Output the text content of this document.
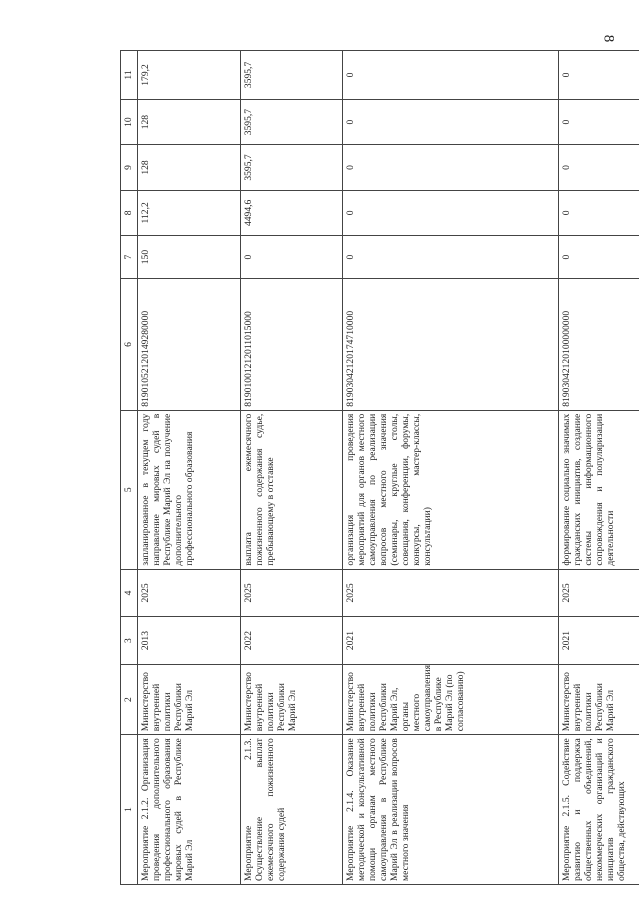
8
1	2	3	4	5	6	7	8	9	10	11
Мероприятие 2.1.2. Организация проведения дополнительного профессионального образования мировых судей в Республике Марий Эл	Министерство внутренней политики Республики Марий Эл	2013	2025	запланированное в текущем году направление мировых судей в Республике Марий Эл на получение дополнительного профессионального образования	81901052120149280000	150	112,2	128	128	179,2
Мероприятие 2.1.3. Осуществление выплат ежемесячного пожизненного содержания судей	Министерство внутренней политики Республики Марий Эл	2022	2025	выплата ежемесячного пожизненного содержания судье, пребывающему в отставке	81901001212011015000	0	4494,6	3595,7	3595,7	3595,7
Мероприятие 2.1.4. Оказание методической и консультативной помощи органам местного самоуправления в Республике Марий Эл в реализации вопросов местного значения	Министерство внутренней политики Республики Марий Эл, органы местного самоуправления в Республике Марий Эл (по согласованию)	2021	2025	организация проведения мероприятий для органов местного самоуправления по реализации вопросов местного значения (семинары, круглые столы, совещания, конференции, форумы, конкурсы, мастер-классы, консультации)	81903042120174710000	0	0	0	0	0
Мероприятие 2.1.5. Содействие развитию и поддержка общественных объединений, некоммерческих организаций и инициатив гражданского общества, действующих	Министерство внутренней политики Республики Марий Эл	2021	2025	формирование социально значимых гражданских инициатив, создание системы информационного сопровождения и популяризации деятельности	81903042120100000000	0	0	0	0	0
